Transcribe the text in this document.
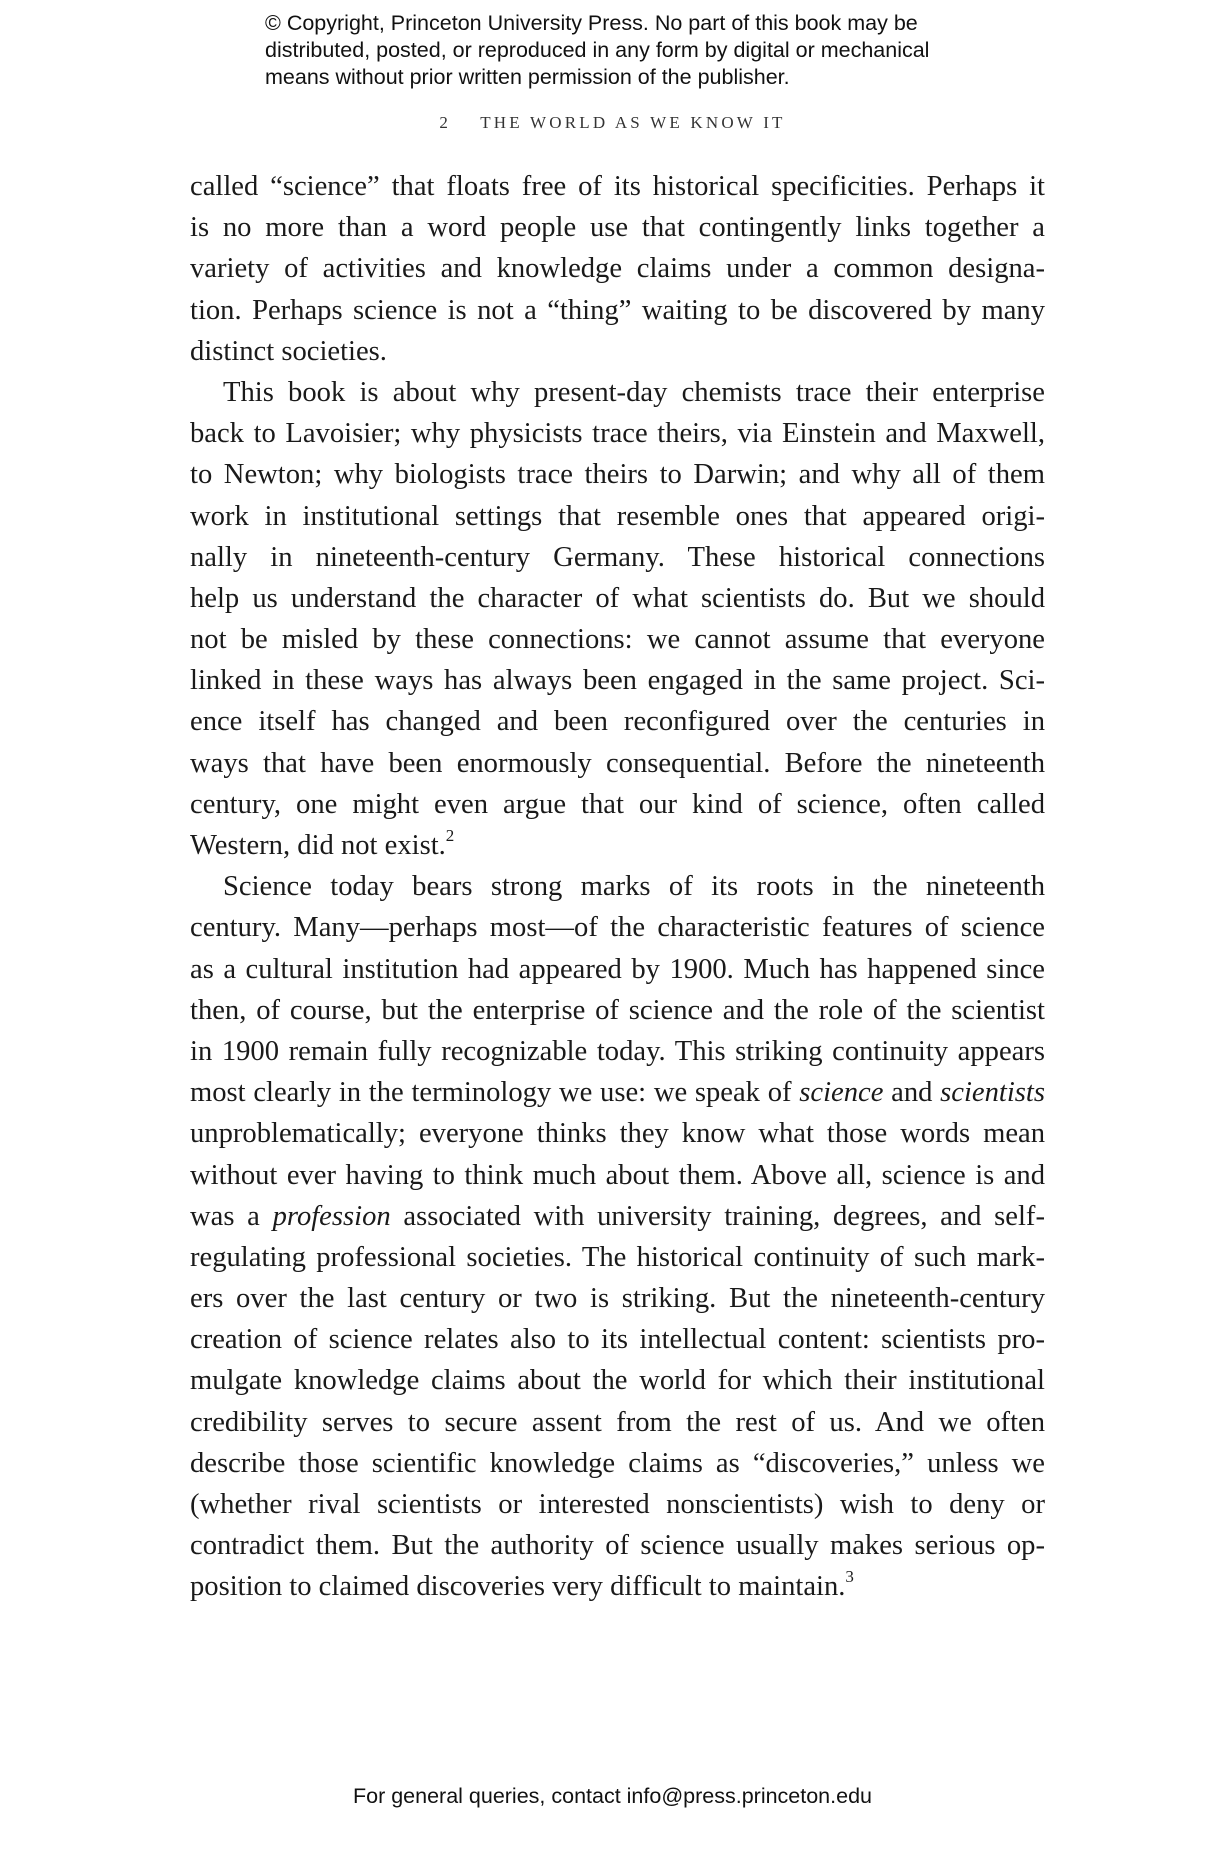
© Copyright, Princeton University Press. No part of this book may be
distributed, posted, or reproduced in any form by digital or mechanical
means without prior written permission of the publisher.
2 THE WORLD AS WE KNOW IT
called “science” that floats free of its historical specificities. Perhaps it
is no more than a word people use that contingently links together a
variety of activities and knowledge claims under a common designa-
tion. Perhaps science is not a “thing” waiting to be discovered by many
distinct societies.
This book is about why present-day chemists trace their enterprise
back to Lavoisier; why physicists trace theirs, via Einstein and Maxwell,
to Newton; why biologists trace theirs to Darwin; and why all of them
work in institutional settings that resemble ones that appeared origi-
nally in nineteenth-century Germany. These historical connections
help us understand the character of what scientists do. But we should
not be misled by these connections: we cannot assume that everyone
linked in these ways has always been engaged in the same project. Sci-
ence itself has changed and been reconfigured over the centuries in
ways that have been enormously consequential. Before the nineteenth
century, one might even argue that our kind of science, often called
Western, did not exist.$^2$
Science today bears strong marks of its roots in the nineteenth
century. Many—perhaps most—of the characteristic features of science
as a cultural institution had appeared by 1900. Much has happened since
then, of course, but the enterprise of science and the role of the scientist
in 1900 remain fully recognizable today. This striking continuity appears
most clearly in the terminology we use: we speak of science and scientists
unproblematically; everyone thinks they know what those words mean
without ever having to think much about them. Above all, science is and
was a profession associated with university training, degrees, and self-
regulating professional societies. The historical continuity of such mark-
ers over the last century or two is striking. But the nineteenth-century
creation of science relates also to its intellectual content: scientists pro-
mulgate knowledge claims about the world for which their institutional
credibility serves to secure assent from the rest of us. And we often
describe those scientific knowledge claims as “discoveries,” unless we
(whether rival scientists or interested nonscientists) wish to deny or
contradict them. But the authority of science usually makes serious op-
position to claimed discoveries very difficult to maintain.$^3$
For general queries, contact info@press.princeton.edu
